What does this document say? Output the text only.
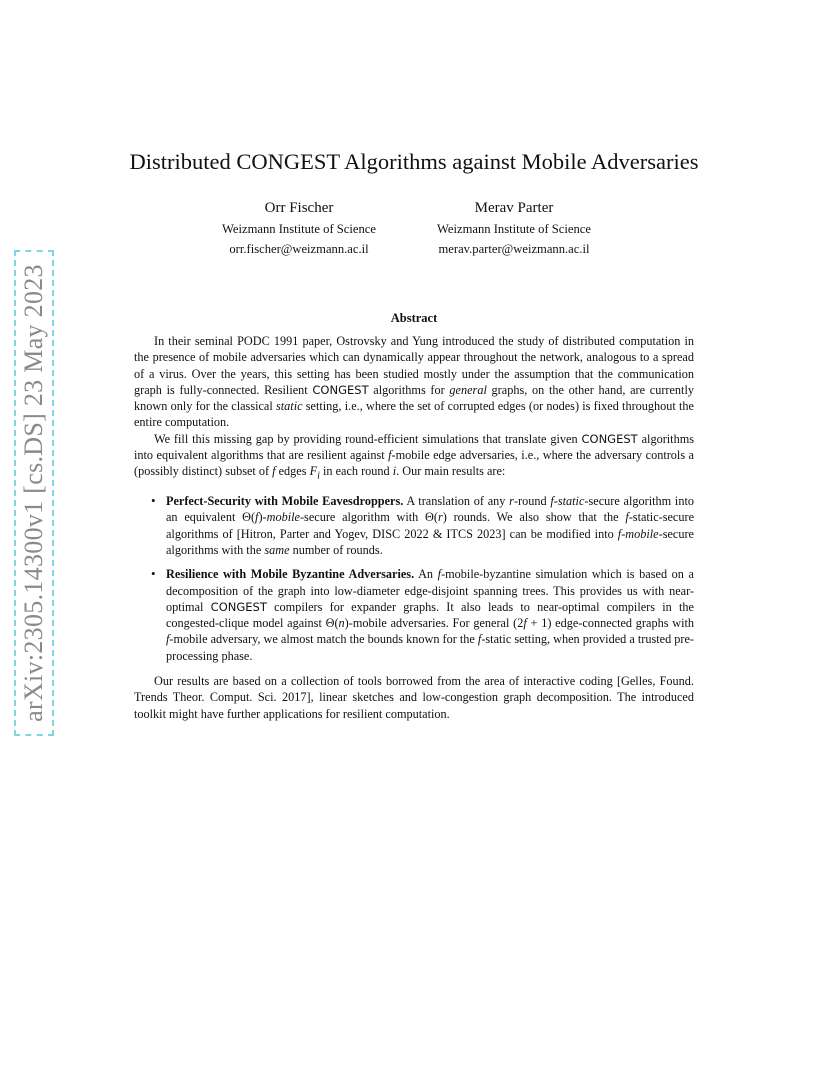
arXiv:2305.14300v1 [cs.DS] 23 May 2023
Distributed CONGEST Algorithms against Mobile Adversaries
Orr Fischer
Weizmann Institute of Science
orr.fischer@weizmann.ac.il
Merav Parter
Weizmann Institute of Science
merav.parter@weizmann.ac.il
Abstract

In their seminal PODC 1991 paper, Ostrovsky and Yung introduced the study of distributed computation in the presence of mobile adversaries which can dynamically appear throughout the network, analogous to a spread of a virus. Over the years, this setting has been studied mostly under the assumption that the communication graph is fully-connected. Resilient CONGEST algorithms for general graphs, on the other hand, are currently known only for the classical static setting, i.e., where the set of corrupted edges (or nodes) is fixed throughout the entire computation.

We fill this missing gap by providing round-efficient simulations that translate given CONGEST algorithms into equivalent algorithms that are resilient against f-mobile edge adversaries, i.e., where the adversary controls a (possibly distinct) subset of f edges $F_i$ in each round i. Our main results are:

• Perfect-Security with Mobile Eavesdroppers. A translation of any r-round f-static-secure algorithm into an equivalent Θ(f)-mobile-secure algorithm with Θ(r) rounds. We also show that the f-static-secure algorithms of [Hitron, Parter and Yogev, DISC 2022 & ITCS 2023] can be modified into f-mobile-secure algorithms with the same number of rounds.
• Resilience with Mobile Byzantine Adversaries. An f-mobile-byzantine simulation which is based on a decomposition of the graph into low-diameter edge-disjoint spanning trees. This provides us with near-optimal CONGEST compilers for expander graphs. It also leads to near-optimal compilers in the congested-clique model against Θ(n)-mobile adversaries. For general (2f + 1) edge-connected graphs with f-mobile adversary, we almost match the bounds known for the f-static setting, when provided a trusted pre-processing phase.

Our results are based on a collection of tools borrowed from the area of interactive coding [Gelles, Found. Trends Theor. Comput. Sci. 2017], linear sketches and low-congestion graph decomposition. The introduced toolkit might have further applications for resilient computation.
